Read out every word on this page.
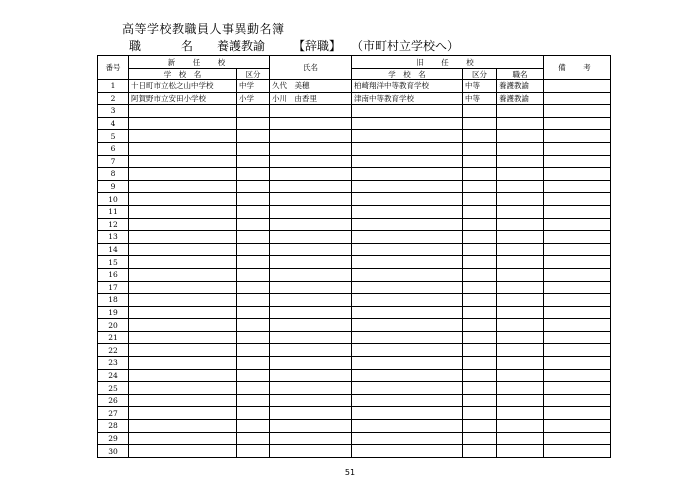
高等学校教職員人事異動名簿
職　名 養護教諭 【辞職】 （市町村立学校へ）
番号	新　任　校		氏名	旧　任　校			備　考
	学　校　名	区分		学　校　名	区分	職名	
1	十日町市立松之山中学校	中学	久代　美穂	柏崎翔洋中等教育学校	中等	養護教諭	
2	阿賀野市立安田小学校	小学	小川　由香里	津南中等教育学校	中等	養護教諭	
3							
4							
5							
6							
7							
8							
9							
10							
11							
12							
13							
14							
15							
16							
17							
18							
19							
20							
21							
22							
23							
24							
25							
26							
27							
28							
29							
30							
51
